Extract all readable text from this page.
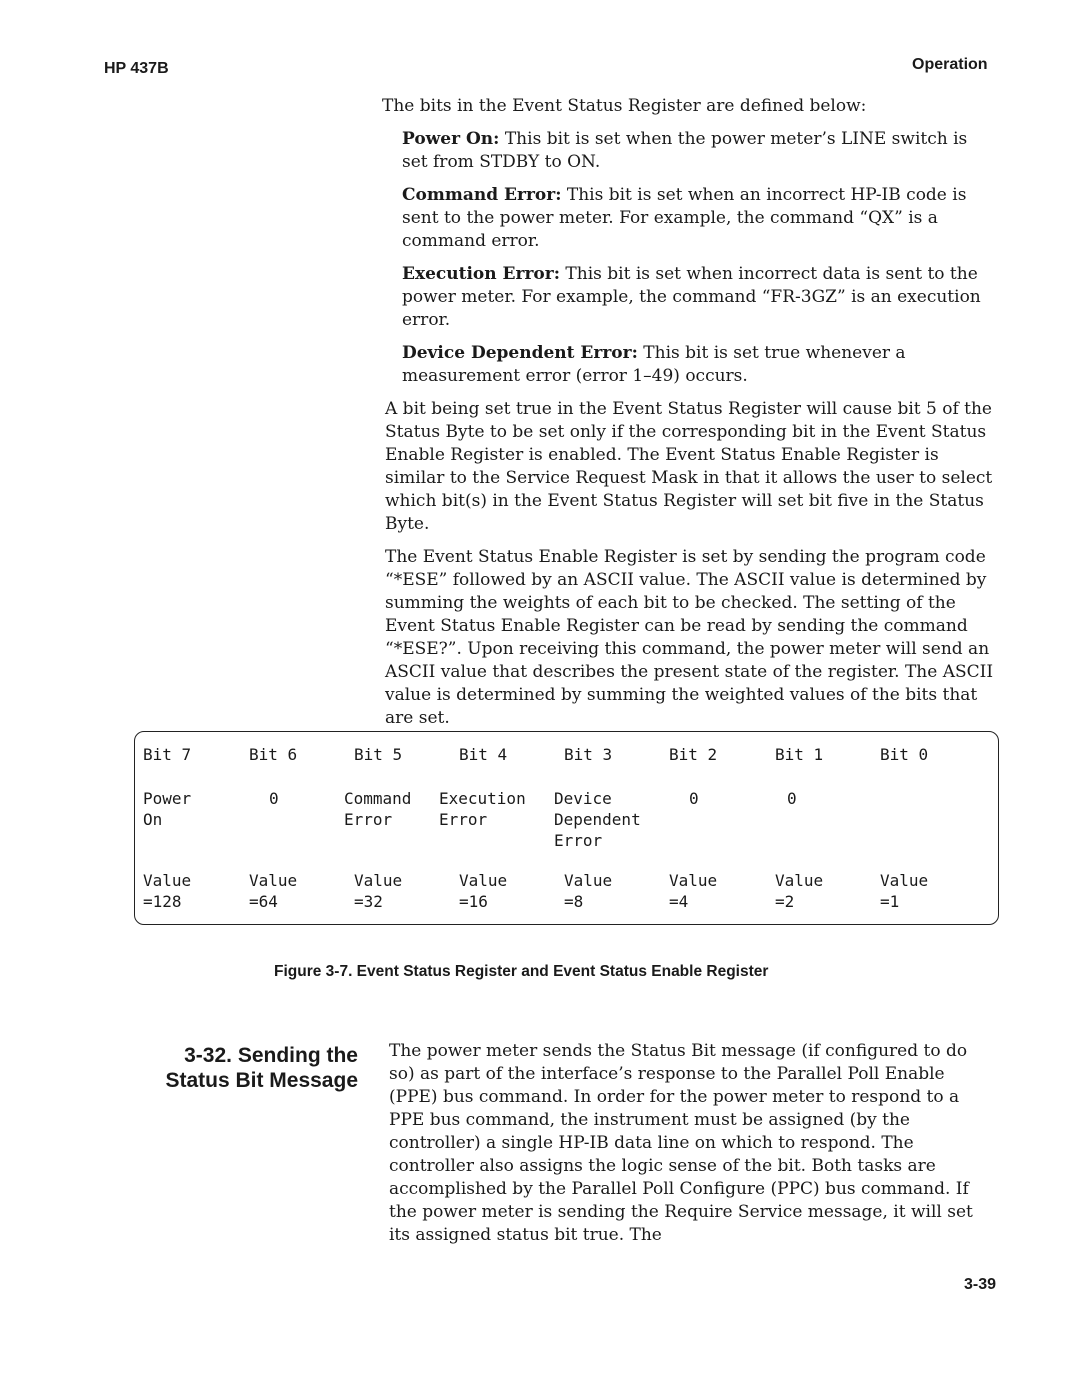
HP 437B	Operation
The bits in the Event Status Register are defined below:

Power On: This bit is set when the power meter’s LINE switch is set from STDBY to ON.

Command Error: This bit is set when an incorrect HP-IB code is sent to the power meter. For example, the command “QX” is a command error.

Execution Error: This bit is set when incorrect data is sent to the power meter. For example, the command “FR-3GZ” is an execution error.

Device Dependent Error: This bit is set true whenever a measurement error (error 1–49) occurs.

A bit being set true in the Event Status Register will cause bit 5 of the Status Byte to be set only if the corresponding bit in the Event Status Enable Register is enabled. The Event Status Enable Register is similar to the Service Request Mask in that it allows the user to select which bit(s) in the Event Status Register will set bit five in the Status Byte.

The Event Status Enable Register is set by sending the program code “*ESE” followed by an ASCII value. The ASCII value is determined by summing the weights of each bit to be checked. The setting of the Event Status Enable Register can be read by sending the command “*ESE?”. Upon receiving this command, the power meter will send an ASCII value that describes the present state of the register. The ASCII value is determined by summing the weighted values of the bits that are set.

Bit 7
Power
On
Value
=128
Bit 6
0
Value
=64
Bit 5
Command
Error
Value
=32
Bit 4
Execution
Error
Value
=16
Bit 3
Device
Dependent
Error
Value
=8
Bit 2
0
Value
=4
Bit 1
0
Value
=2
Bit 0
Value
=1
Figure 3-7. Event Status Register and Event Status Enable Register
3-32. Sending the
Status Bit Message

The power meter sends the Status Bit message (if configured to do so) as part of the interface’s response to the Parallel Poll Enable (PPE) bus command. In order for the power meter to respond to a PPE bus command, the instrument must be assigned (by the controller) a single HP-IB data line on which to respond. The controller also assigns the logic sense of the bit. Both tasks are accomplished by the Parallel Poll Configure (PPC) bus command. If the power meter is sending the Require Service message, it will set its assigned status bit true. The

3-39
